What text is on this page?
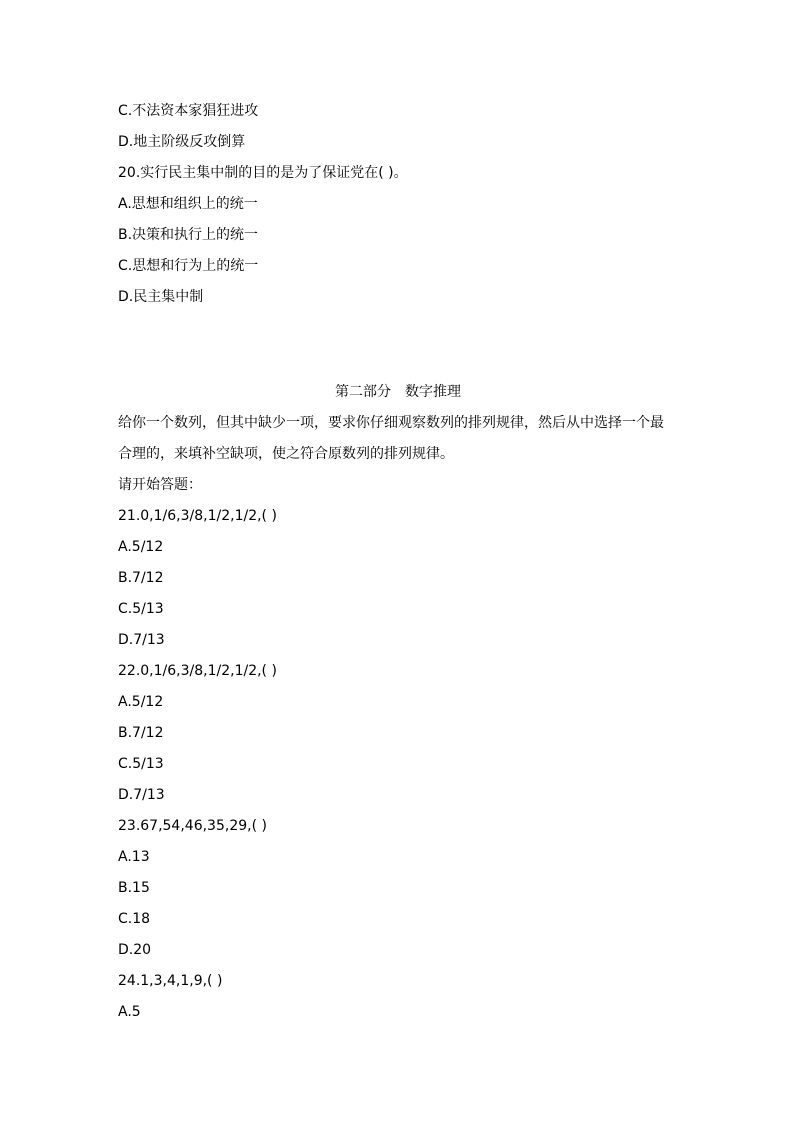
C.不法资本家猖狂进攻
D.地主阶级反攻倒算
20.实行民主集中制的目的是为了保证党在( )。
A.思想和组织上的统一
B.决策和执行上的统一
C.思想和行为上的统一
D.民主集中制
第二部分　数字推理
给你一个数列，但其中缺少一项，要求你仔细观察数列的排列规律，然后从中选择一个最
合理的，来填补空缺项，使之符合原数列的排列规律。
请开始答题：
21.0,1/6,3/8,1/2,1/2,( )
A.5/12
B.7/12
C.5/13
D.7/13
22.0,1/6,3/8,1/2,1/2,( )
A.5/12
B.7/12
C.5/13
D.7/13
23.67,54,46,35,29,( )
A.13
B.15
C.18
D.20
24.1,3,4,1,9,( )
A.5
